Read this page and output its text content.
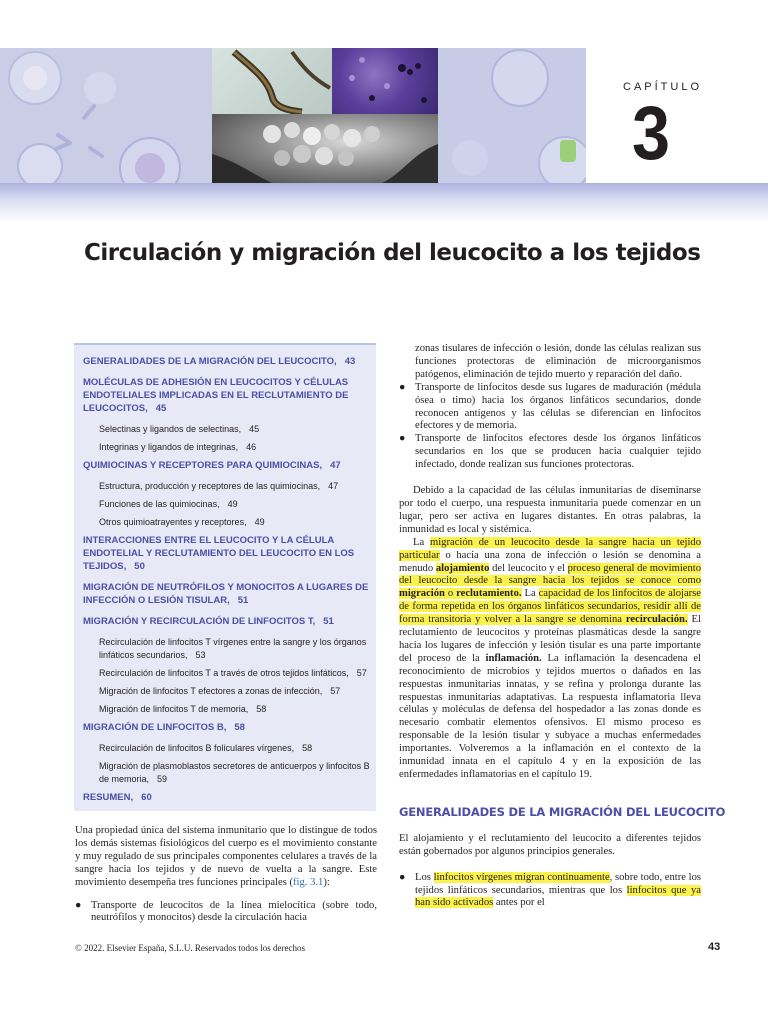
CAPÍTULO
3
Circulación y migración del leucocito a los tejidos
GENERALIDADES DE LA MIGRACIÓN DEL LEUCOCITO, 43
MOLÉCULAS DE ADHESIÓN EN LEUCOCITOS Y CÉLULAS ENDOTELIALES IMPLICADAS EN EL RECLUTAMIENTO DE LEUCOCITOS, 45
Selectinas y ligandos de selectinas, 45
Integrinas y ligandos de integrinas, 46
QUIMIOCINAS Y RECEPTORES PARA QUIMIOCINAS, 47
Estructura, producción y receptores de las quimiocinas, 47
Funciones de las quimiocinas, 49
Otros quimioatrayentes y receptores, 49
INTERACCIONES ENTRE EL LEUCOCITO Y LA CÉLULA ENDOTELIAL Y RECLUTAMIENTO DEL LEUCOCITO EN LOS TEJIDOS, 50
MIGRACIÓN DE NEUTRÓFILOS Y MONOCITOS A LUGARES DE INFECCIÓN O LESIÓN TISULAR, 51
MIGRACIÓN Y RECIRCULACIÓN DE LINFOCITOS T, 51
Recirculación de linfocitos T vírgenes entre la sangre y los órganos linfáticos secundarios, 53
Recirculación de linfocitos T a través de otros tejidos linfáticos, 57
Migración de linfocitos T efectores a zonas de infección, 57
Migración de linfocitos T de memoria, 58
MIGRACIÓN DE LINFOCITOS B, 58
Recirculación de linfocitos B foliculares vírgenes, 58
Migración de plasmoblastos secretores de anticuerpos y linfocitos B de memoria, 59
RESUMEN, 60

zonas tisulares de infección o lesión, donde las células realizan sus funciones protectoras de eliminación de microorganismos patógenos, eliminación de tejido muerto y reparación del daño.

● Transporte de linfocitos desde sus lugares de maduración (médula ósea o timo) hacia los órganos linfáticos secundarios, donde reconocen antígenos y las células se diferencian en linfocitos efectores y de memoria.

● Transporte de linfocitos efectores desde los órganos linfáticos secundarios en los que se producen hacia cualquier tejido infectado, donde realizan sus funciones protectoras.

Debido a la capacidad de las células inmunitarias de diseminarse por todo el cuerpo, una respuesta inmunitaria puede comenzar en un lugar, pero ser activa en lugares distantes. En otras palabras, la inmunidad es local y sistémica.

La migración de un leucocito desde la sangre hacia un tejido particular o hacia una zona de infección o lesión se denomina a menudo alojamiento del leucocito y el proceso general de movimiento del leucocito desde la sangre hacia los tejidos se conoce como migración o reclutamiento. La capacidad de los linfocitos de alojarse de forma repetida en los órganos linfáticos secundarios, residir allí de forma transitoria y volver a la sangre se denomina recirculación. El reclutamiento de leucocitos y proteínas plasmáticas desde la sangre hacia los lugares de infección y lesión tisular es una parte importante del proceso de la inflamación. La inflamación la desencadena el reconocimiento de microbios y tejidos muertos o dañados en las respuestas inmunitarias innatas, y se refina y prolonga durante las respuestas inmunitarias adaptativas. La respuesta inflamatoria lleva células y moléculas de defensa del hospedador a las zonas donde es necesario combatir elementos ofensivos. El mismo proceso es responsable de la lesión tisular y subyace a muchas enfermedades importantes. Volveremos a la inflamación en el contexto de la inmunidad innata en el capítulo 4 y en la exposición de las enfermedades inflamatorias en el capítulo 19.

GENERALIDADES DE LA MIGRACIÓN DEL LEUCOCITO

El alojamiento y el reclutamiento del leucocito a diferentes tejidos están gobernados por algunos principios generales.

● Los linfocitos vírgenes migran continuamente, sobre todo, entre los tejidos linfáticos secundarios, mientras que los linfocitos que ya han sido activados antes por el

Una propiedad única del sistema inmunitario que lo distingue de todos los demás sistemas fisiológicos del cuerpo es el movimiento constante y muy regulado de sus principales componentes celulares a través de la sangre hacia los tejidos y de nuevo de vuelta a la sangre. Este movimiento desempeña tres funciones principales (fig. 3.1):

● Transporte de leucocitos de la línea mielocítica (sobre todo, neutrófilos y monocitos) desde la circulación hacia

© 2022. Elsevier España, S.L.U. Reservados todos los derechos	43
